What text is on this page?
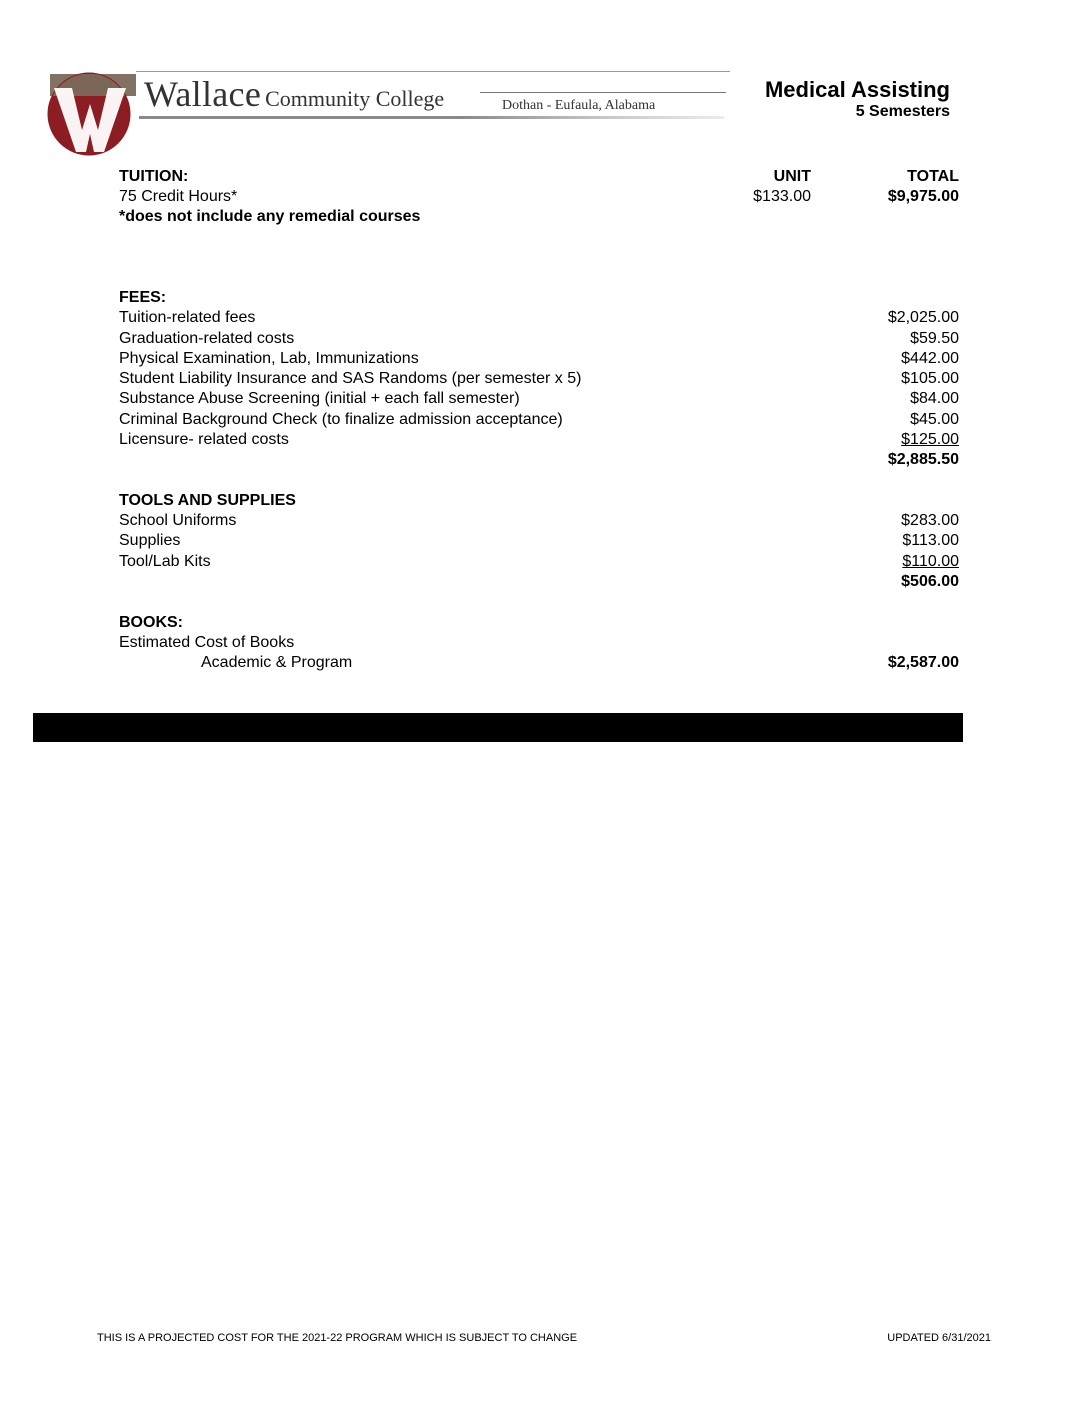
Wallace Community College	Dothan - Eufaula, Alabama
Medical Assisting
5 Semesters
TUITION:	UNIT	TOTAL
75 Credit Hours*	$133.00	$9,975.00
*does not include any remedial courses
FEES:
Tuition-related fees	$2,025.00
Graduation-related costs	$59.50
Physical Examination, Lab, Immunizations	$442.00
Student Liability Insurance and SAS Randoms (per semester x 5)	$105.00
Substance Abuse Screening (initial + each fall semester)	$84.00
Criminal Background Check (to finalize admission acceptance)	$45.00
Licensure- related costs	$125.00
$2,885.50
TOOLS AND SUPPLIES
School Uniforms	$283.00
Supplies	$113.00
Tool/Lab Kits	$110.00
$506.00
BOOKS:
Estimated Cost of Books
Academic & Program	$2,587.00
THIS IS A PROJECTED COST FOR THE 2021-22 PROGRAM WHICH IS SUBJECT TO CHANGE	UPDATED 6/31/2021
